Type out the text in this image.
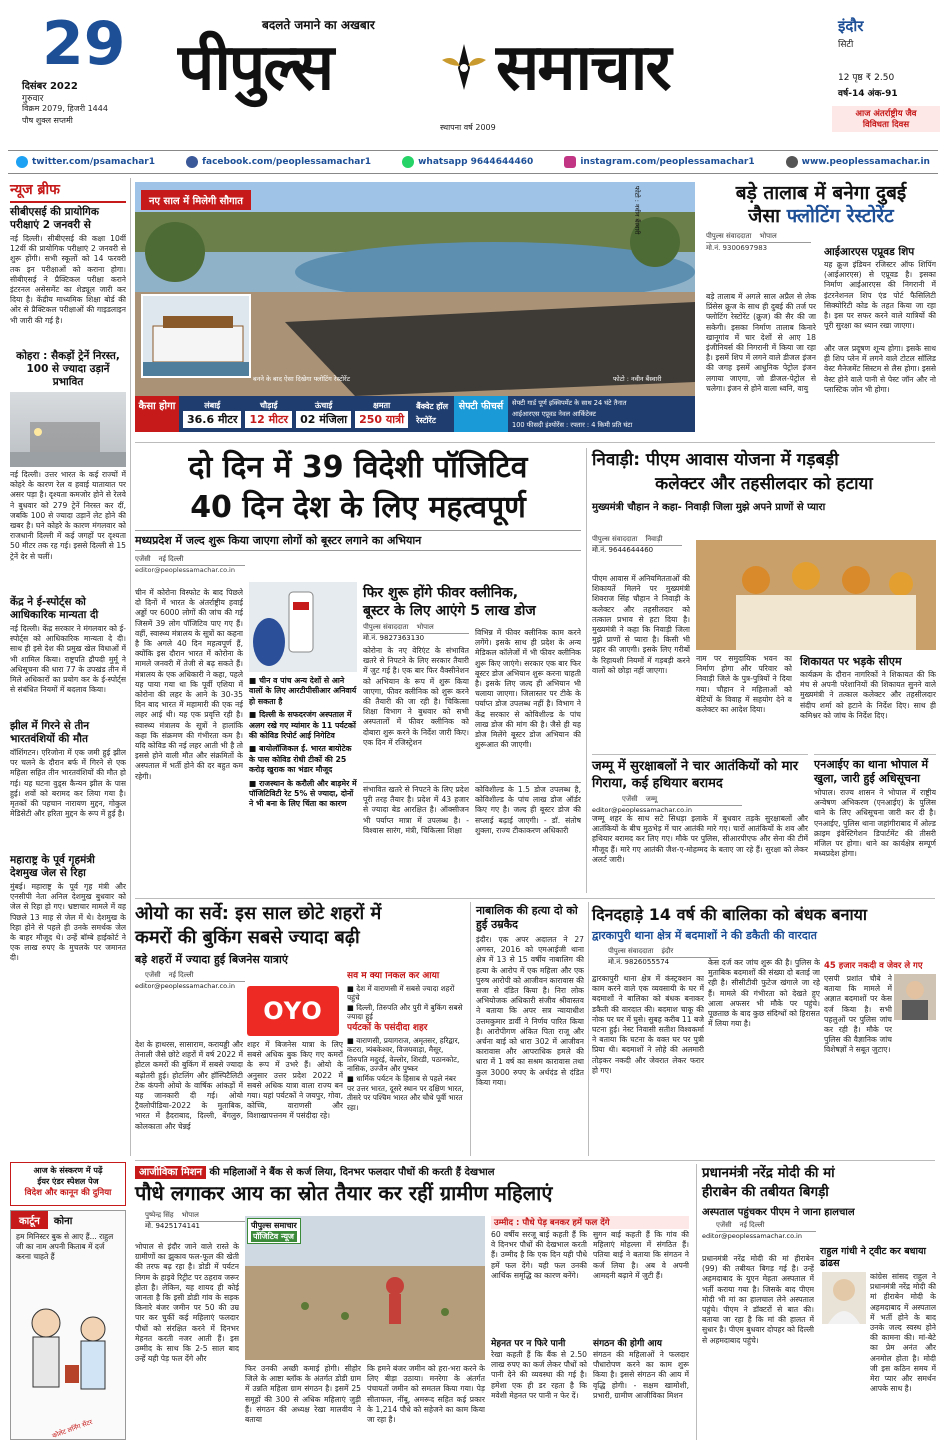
29
दिसंबर 2022
गुरुवार
विक्रम 2079, हिजरी 1444
पौष शुक्ल सप्तमी
बदलते जमाने का अखबार
पीपुल्स	समाचार
स्थापना वर्ष 2009
इंदौर
सिटी
12 पृष्ठ ₹ 2.50
वर्ष-14 अंक-91
आज अंतर्राष्ट्रीय जैव
विविधता दिवस
twitter.com/psamachar1	facebook.com/peoplessamachar1	whatsapp 9644644460	instagram.com/peoplessamachar1	www.peoplessamachar.in
न्यूज ब्रीफ
सीबीएसई की प्रायोगिक परीक्षाएं 2 जनवरी से
नई दिल्ली। सीबीएसई की कक्षा 10वीं 12वीं की प्रायोगिक परीक्षाएं 2 जनवरी से शुरू होंगी। सभी स्कूलों को 14 फरवरी तक इन परीक्षाओं को कराना होगा। सीबीएसई ने प्रैक्टिकल परीक्षा कराने इंटरनल असेसमेंट का शेड्यूल जारी कर दिया है। केंद्रीय माध्यमिक शिक्षा बोर्ड की ओर से प्रैक्टिकल परीक्षाओं की गाइडलाइन भी जारी की गई है।
कोहरा : सैकड़ों ट्रेनें निरस्त, 100 से ज्यादा उड़ानें प्रभावित
नई दिल्ली। उत्तर भारत के कई राज्यों में कोहरे के कारण रेल व हवाई यातायात पर असर पड़ा है। दृश्यता कमजोर होने से रेलवे ने बुधवार को 279 ट्रेनें निरस्त कर दीं, जबकि 100 से ज्यादा उड़ानें लेट होने की खबर है। घने कोहरे के कारण मंगलवार को राजधानी दिल्ली में कई जगहों पर दृश्यता 50 मीटर तक रह गई। इससे दिल्ली से 15 ट्रेनें देर से चलीं।
केंद्र ने ई-स्पोर्ट्स को आधिकारिक मान्यता दी
नई दिल्ली। केंद्र सरकार ने मंगलवार को ई-स्पोर्ट्स को आधिकारिक मान्यता दे दी। साथ ही इसे देश की प्रमुख खेल विधाओं में भी शामिल किया। राष्ट्रपति द्रौपदी मुर्मू ने अधिसूचना की धारा 77 के उपखंड तीन में मिले अधिकारों का प्रयोग कर के ई-स्पोर्ट्स से संबंधित नियमों में बदलाव किया।
झील में गिरने से तीन भारतवंशियों की मौत
वॉशिंगटन। एरिजोना में एक जमी हुई झील पर चलने के दौरान बर्फ में गिरने से एक महिला सहित तीन भारतवंशियों की मौत हो गई। यह घटना वुड्स कैन्यन झील के पास हुई। शवों को बरामद कर लिया गया है। मृतकों की पहचान नारायण मुद्दन, गोकुल मेडिसेटी और हरिता मुद्दन के रूप में हुई है।
महाराष्ट्र के पूर्व गृहमंत्री देशमुख जेल से रिहा
मुंबई। महाराष्ट्र के पूर्व गृह मंत्री और एनसीपी नेता अनिल देशमुख बुधवार को जेल से रिहा हो गए। भ्रष्टाचार मामले में वह पिछले 13 माह से जेल में थे। देशमुख के रिहा होने से पहले ही उनके समर्थक जेल के बाहर मौजूद थे। उन्हें बॉम्बे हाईकोर्ट ने एक लाख रुपए के मुचलके पर जमानत दी।
आज के संस्करण में पढ़ें
ईयर एंडर स्पेशल पेज
विदेश और कानून की दुनिया
कार्टून	कोना
हम मिनिस्टर बुक से आए हैं... राहुल जी का नाम अपनी किताब में दर्ज करना चाहते हैं
कोलेट लर्निंग सेंटर
नए साल में मिलेगी सौगात
बनने के बाद ऐसा दिखेगा फ्लोटिंग रेस्टोरेंट	फोटो : नवीन बैंस्वारी
फोटो : नवीन बैंस्वारी
कैसा होगा	लंबाई
36.6 मीटर
चौड़ाई
12 मीटर
ऊंचाई
02 मंजिला
क्षमता
250 यात्री
बैंक्वेट हॉल
रेस्टोरेंट
सेफ्टी फीचर्स	सेफ्टी गार्ड पूर्ण इक्विपमेंट के साथ 24 घंटे तैनात
आईआरएस एप्रूवड नेवल आर्किटेक्ट
100 फीसदी इंश्योरेंस : रफ्तार : 4 किमी प्रति घंटा
बड़े तालाब में बनेगा दुबई
जैसा फ्लोटिंग रेस्टोरेंट
पीपुल्स संवाददाता भोपाल
मो.नं. 9300697983
बड़े तालाब में अगले साल अप्रैल से लेक प्रिंसेस क्रूज के साथ ही दुबई की तर्ज पर फ्लोटिंग रेस्टोरेंट (क्रूज) की सैर की जा सकेगी। इसका निर्माण तालाब किनारे खानूगांव में चार देशों से आए 18 इंजीनियर्स की निगरानी में किया जा रहा है। इसमें शिप में लगने वाले डीजल इंजन की जगह इसमें आधुनिक पेट्रोल इंजन लगाया जाएगा, जो डीजल-पेट्रोल से चलेगा। इंजन से होने वाला ध्वनि, वायु
आईआरएस एप्रूवड शिप
यह क्रूज इंडियन रजिस्टर ऑफ शिपिंग (आईआरएस) से एप्रूवड है। इसका निर्माण आईआरएस की निगरानी में इंटरनेशनल शिप एंड पोर्ट फैसिलिटी सिक्योरिटी कोड के तहत किया जा रहा है। इस पर सफर करने वाले यात्रियों की पूरी सुरक्षा का ध्यान रखा जाएगा।
और जल प्रदूषण शून्य होगा। इसके साथ ही शिप प्लेन में लगने वाले टोटल सॉलिड वेस्ट मैनेजमेंट सिस्टम से लैस होगा। इससे वेस्ट होने वाले पानी से पेस्ट जॉन और नो प्लास्टिक जोन भी होगा।
दो दिन में 39 विदेशी पॉजिटिव
40 दिन देश के लिए महत्वपूर्ण
मध्यप्रदेश में जल्द शुरू किया जाएगा लोगों को बूस्टर लगाने का अभियान
एजेंसी नई दिल्ली
editor@peoplessamachar.co.in
चीन में कोरोना विस्फोट के बाद पिछले दो दिनों में भारत के अंतर्राष्ट्रीय हवाई अड्डों पर 6000 लोगों की जांच की गई जिसमें 39 लोग पॉजिटिव पाए गए हैं। वहीं, स्वास्थ्य मंत्रालय के सूत्रों का कहना है कि अगले 40 दिन महत्वपूर्ण हैं, क्योंकि इस दौरान भारत में कोरोना के मामले जनवरी में तेजी से बढ़ सकते हैं। मंत्रालय के एक अधिकारी ने कहा, पहले यह पाया गया था कि पूर्वी एशिया में कोरोना की लहर के आने के 30-35 दिन बाद भारत में महामारी की एक नई लहर आई थी। यह एक प्रवृत्ति रही है। स्वास्थ्य मंत्रालय के सूत्रों ने हालांकि कहा कि संक्रमण की गंभीरता कम है। यदि कोविड की नई लहर आती भी है तो इससे होने वाली मौत और संक्रमितों के अस्पताल में भर्ती होने की दर बहुत कम रहेगी।
■ चीन व पांच अन्य देशों से आने वालों के लिए आरटीपीसीआर अनिवार्य हो सकता है
■ दिल्ली के सफदरजंग अस्पताल में अलग रखे गए म्यांमार के 11 पर्यटकों की कोविड रिपोर्ट आई निगेटिव
■ बायोलॉजिकल ई. भारत बायोटेक के पास कोविड रोधी टीकों की 25 करोड़ खुराक का भंडार मौजूद
■ राजस्थान के करौली और बाड़मेर में पॉजिटिविटी रेट 5% से ज्यादा, दोनों ने भी बना के लिए चिंता का कारण
फिर शुरू होंगे फीवर क्लीनिक,
बूस्टर के लिए आएंगे 5 लाख डोज
पीपुल्स संवाददाता भोपाल
मो.नं. 9827363130
कोरोना के नए वेरिएंट के संभावित खतरे से निपटने के लिए सरकार तैयारी में जुट गई है। एक बार फिर वैक्सीनेशन को अभियान के रूप में शुरू किया जाएगा, फीवर क्लीनिक को शुरू करने की तैयारी की जा रही है। चिकित्सा शिक्षा विभाग ने बुधवार को सभी अस्पतालों में फीवर क्लीनिक को दोबारा शुरू करने के निर्देश जारी किए। एक दिन में रजिस्ट्रेशन
विभिन्न में फीवर क्लीनिक काम करने लगेंगे। इसके साथ ही प्रदेश के अन्य मेडिकल कॉलेजों में भी फीवर क्लीनिक शुरू किए जाएंगे। सरकार एक बार फिर बूस्टर डोज अभियान शुरू करना चाहती है। इसके लिए जल्द ही अभियान भी चलाया जाएगा। जिलास्तर पर टीके के पर्याप्त डोज उपलब्ध नहीं है। विभाग ने केंद्र सरकार से कोविशील्ड के पांच लाख डोज की मांग की है। जैसे ही यह डोज मिलेंगे बूस्टर डोज अभियान की शुरूआत की जाएगी।
संभावित खतरे से निपटने के लिए प्रदेश पूरी तरह तैयार है। प्रदेश में 43 हजार से ज्यादा बेड आरक्षित है। ऑक्सीजन भी पर्याप्त मात्रा में उपलब्ध है। - विश्वास सारंग, मंत्री, चिकित्सा शिक्षा
कोविशील्ड के 1.5 डोज उपलब्ध है, कोविशील्ड के पांच लाख डोज ऑर्डर किए गए है। जल्द ही बूस्टर डोज की सप्लाई बढ़ाई जाएगी। - डॉ. संतोष शुक्ला, राज्य टीकाकरण अधिकारी
निवाड़ी: पीएम आवास योजना में गड़बड़ी
कलेक्टर और तहसीलदार को हटाया
मुख्यमंत्री चौहान ने कहा- निवाड़ी जिला मुझे अपने प्राणों से प्यारा
पीपुल्स संवाददाता निवाड़ी
मो.नं. 9644644460
पीएम आवास में अनियमितताओं की शिकायतें मिलने पर मुख्यमंत्री शिवराज सिंह चौहान ने निवाड़ी के कलेक्टर और तहसीलदार को तत्काल प्रभाव से हटा दिया है। मुख्यमंत्री ने कहा कि निवाड़ी जिला मुझे प्राणों से प्यारा है। किसी भी प्रहार की जाएगी। इसके लिए गरीबों के रिहायशी नियमों में गड़बड़ी करने वालों को छोड़ा नहीं जाएगा।
नाम पर समुदायिक भवन का निर्माण होगा और परिवार को निवाड़ी जिले के पुत्र-पुत्रियों ने दिया गया। चौहान ने महिलाओं को बेटियों के विवाह में सहयोग देने व कलेक्टर का आदेश दिया।
शिकायत पर भड़के सीएम
कार्यक्रम के दौरान नागरिकों ने शिकायत की कि मंच से अपनी परेशानियों की शिकायत सुनने वाले मुख्यमंत्री ने तत्काल कलेक्टर और तहसीलदार संदीप शर्मा को हटाने के निर्देश दिए। साथ ही कमिश्नर को जांच के निर्देश दिए।
जम्मू में सुरक्षाबलों ने चार आतंकियों को मार गिराया, कई हथियार बरामद
एजेंसी जम्मू
editor@peoplessamachar.co.in
जम्मू शहर के साथ सटे सिधड़ा इलाके में बुधवार तड़के सुरक्षाबलों और आतंकियों के बीच मुठभेड़ में चार आतंकी मारे गए। चारों आतंकियों के शव और हथियार बरामद कर लिए गए। मौके पर पुलिस, सीआरपीएफ और सेना की टीमें मौजूद हैं। मारे गए आतंकी जैश-ए-मोहम्मद के बताए जा रहे हैं। सुरक्षा को लेकर अलर्ट जारी।
एनआईए का थाना भोपाल में खुला, जारी हुई अधिसूचना
भोपाल। राज्य शासन ने भोपाल में राष्ट्रीय अन्वेषण अभिकरण (एनआईए) के पुलिस थाने के लिए अधिसूचना जारी कर दी है। एनआईए, पुलिस थाना जहांगीराबाद में ओल्ड क्राइम इंवेस्टिगेशन डिपार्टमेंट की तीसरी मंजिल पर होगा। थाने का कार्यक्षेत्र सम्पूर्ण मध्यप्रदेश होगा।
ओयो का सर्वे: इस साल छोटे शहरों में
कमरों की बुकिंग सबसे ज्यादा बढ़ी
बड़े शहरों में ज्यादा हुई बिजनेस यात्राएं
एजेंसी नई दिल्ली
editor@peoplessamachar.co.in
OYO
देश के हाथरस, सासाराम, करायड्डी और तेनाली जैसे छोटे शहरों में वर्ष 2022 में होटल कमरों की बुकिंग में सबसे ज्यादा बढ़ोतरी हुई। होटलिंग और हॉस्पिटैलिटी टेक कंपनी ओयो के वार्षिक आंकड़ों में यह जानकारी दी गई। ओयो ट्रैवलोपीडिया-2022 के मुताबिक, भारत में हैदराबाद, दिल्ली, बेंगलुरु, कोलकाता और चेन्नई
शहर में बिजनेस यात्रा के लिए सबसे अधिक बुक किए गए कमरों के रूप में उभरे हैं। ओयो के अनुसार उत्तर प्रदेश 2022 में सबसे अधिक यात्रा वाला राज्य बन गया। यहां पर्यटकों ने जयपुर, गोवा, कोच्चि, वाराणसी और विशाखापत्तनम में पसंदीदा रहे।
सर्वे में क्या निकल कर आया
■ देश में वाराणसी में सबसे ज्यादा शहरों पहुंचे
■ दिल्ली, तिरुपति और पुरी में बुकिंग सबसे ज्यादा हुई
पर्यटकों के पसंदीदा शहर
■ वाराणसी, प्रयागराज, अमृतसर, हरिद्वार, कटरा, त्र्यंबकेश्वर, विजयवाड़ा, मैसूर, तिरुपति मदुरई, वेल्लोर, शिरडी, पठानकोट, नासिक, उज्जैन और पुष्कर
■ धार्मिक पर्यटन के हिसाब से पहले नंबर पर उत्तर भारत, दूसरे स्थान पर दक्षिण भारत, तीसरे पर पश्चिम भारत और चौथे पूर्वी भारत रहा।
नाबालिक की हत्या दो को हुई उम्रकैद
इंदौर। एक अपर अदालत ने 27 अगस्त, 2016 को एमआईजी थाना क्षेत्र में 13 से 15 वर्षीय नाबालिग की हत्या के आरोप में एक महिला और एक पुरुष आरोपी को आजीवन कारावास की सजा से दंडित किया है। निरा लोक अभियोजक अधिकारी संजीव श्रीवास्तव ने बताया कि अपर सत्र न्यायाधीश उत्तमकुमार डार्वी ने निर्णय पारित किया है। आरोपीगण अंकित पिता राजू और अर्चना बाई को धारा 302 में आजीवन कारावास और आपराधिक हमले की धारा में 1 वर्ष का सश्रम कारावास तथा कुल 3000 रुपए के अर्थदंड से दंडित किया गया।
दिनदहाड़े 14 वर्ष की बालिका को बंधक बनाया
द्वारकापुरी थाना क्षेत्र में बदमाशों ने की डकैती की वारदात
पीपुल्स संवाददाता इंदौर
मो.नं. 9826055574
द्वारकापुरी थाना क्षेत्र में कंस्ट्रक्शन का काम करने वाले एक व्यवसायी के घर में बदमाशों ने बालिका को बंधक बनाकर डकैती की वारदात की। बदमाश चाकू की नोक पर घर में घुसे। सुबह करीब 11 बजे घटना हुई। नेस्ट निवासी सतीश विश्वकर्मा ने बताया कि घटना के वक्त घर पर पुत्री प्रिया थी। बदमाशों ने लोहे की अलमारी तोड़कर नकदी और जेवरात लेकर फरार हो गए।
केस दर्ज कर जांच शुरू की है। पुलिस के मुताबिक बदमाशों की संख्या दो बताई जा रही है। सीसीटीवी फुटेज खंगाले जा रहे हैं। मामले की गंभीरता को देखते हुए आला अफसर भी मौके पर पहुंचे। पूछताछ के बाद कुछ संदिग्धों को हिरासत में लिया गया है।
45 हजार नकदी व जेवर ले गए
एसपी प्रशांत चौबे ने बताया कि मामले में अज्ञात बदमाशों पर केस दर्ज किया है। सभी पहलुओं पर पुलिस जांच कर रही है। मौके पर पुलिस की वैज्ञानिक जांच विशेषज्ञों ने सबूत जुटाए।
आजीविका मिशन की महिलाओं ने बैंक से कर्ज लिया, दिनभर फलदार पौधों की करती हैं देखभाल
पौधे लगाकर आय का स्रोत तैयार कर रहीं ग्रामीण महिलाएं
पुष्पेन्द्र सिंह भोपाल
मो. 9425174141
भोपाल से इंदौर जाने वाले रास्ते के ग्रामीणों का झुकाव फल-फूल की खेती की तरफ बढ़ रहा है। डोडी में पर्यटन निगम के हाइवे रिट्रीट पर ठहराव जरूर होता है। लेकिन, यह शायद ही कोई जानता है कि इसी डोडी गांव के सड़क किनारे बंजर जमीन पर 50 की उम्र पार कर चुकीं कई महिलाएं फलदार पौधों को संरक्षित करने में दिनभर मेहनत करती नजर आती हैं। इस उम्मीद के साथ कि 2-5 साल बाद उन्हें यही पेड़ फल देंगे और
पीपुल्स समाचार
पॉजिटिव न्यूज
फिर उनकी अच्छी कमाई होगी। सीहोर जिले के आष्टा ब्लॉक के अंतर्गत डोडी ग्राम में उन्नति महिला ग्राम संगठन है। इसमें 25 समूहों की 300 से अधिक महिलाएं जुड़ी हैं। संगठन की अध्यक्ष रेखा मालवीय ने बताया
कि हमने बंजर जमीन को हरा-भरा करने के लिए बीड़ा उठाया। मनरेगा के अंतर्गत पंचायतों जमीन को समतल किया गया। पेड़ सीताफल, नींबू, अमरूद सहित कई प्रकार के 1,214 पौधे को सहेजने का काम किया जा रहा है।
उम्मीद : पौधे पेड़ बनकर हमें फल देंगे
60 वर्षीय सरजू बाई कहती हैं कि वे दिनभर पौधों की देखभाल करती हैं। उम्मीद है कि एक दिन यही पौधे हमें फल देंगे। यही फल उनकी आर्थिक समृद्धि का कारण बनेंगे।
सुगन बाई कहती हैं कि गांव की महिलाएं मोहल्ला में संगठित हैं। पतिया बाई ने बताया कि संगठन ने कर्ज लिया है। अब वे अपनी आमदनी बढ़ाने में जुटी हैं।
मेहनत पर न फिरे पानी
रेखा कहती हैं कि बैंक से 2.50 लाख रुपए का कर्ज लेकर पौधों को पानी देने की व्यवस्था की गई है। हमेशा एक ही डर रहता है कि मवेशी मेहनत पर पानी न फेर दें।
संगठन की होगी आय
संगठन की महिलाओं ने फलदार पौधारोपण करने का काम शुरू किया है। इससे संगठन की आय में वृद्धि होगी। - सक्षम खामोशी, प्रभारी, ग्रामीण आजीविका मिशन
प्रधानमंत्री नरेंद्र मोदी की मां
हीराबेन की तबीयत बिगड़ी
अस्पताल पहुंचकर पीएम ने जाना हालचाल
एजेंसी नई दिल्ली
editor@peoplessamachar.co.in
प्रधानमंत्री नरेंद्र मोदी की मां हीराबेन (99) की तबीयत बिगड़ गई है। उन्हें अहमदाबाद के यूएन मेहता अस्पताल में भर्ती कराया गया है। जिसके बाद पीएम मोदी भी मां का हालचाल लेने अस्पताल पहुंचे। पीएम ने डॉक्टरों से बात की। बताया जा रहा है कि मां की हालत में सुधार है। पीएम बुधवार दोपहर को दिल्ली से अहमदाबाद पहुंचे।
राहुल गांधी ने ट्वीट कर बधाया ढांढस
कांग्रेस सांसद राहुल ने प्रधानमंत्री नरेंद्र मोदी की मां हीराबेन मोदी के अहमदाबाद में अस्पताल में भर्ती होने के बाद उनके जल्द स्वस्थ होने की कामना की। मां-बेटे का प्रेम अनंत और अनमोल होता है। मोदी जी इस कठिन समय में मेरा प्यार और समर्थन आपके साथ है।
